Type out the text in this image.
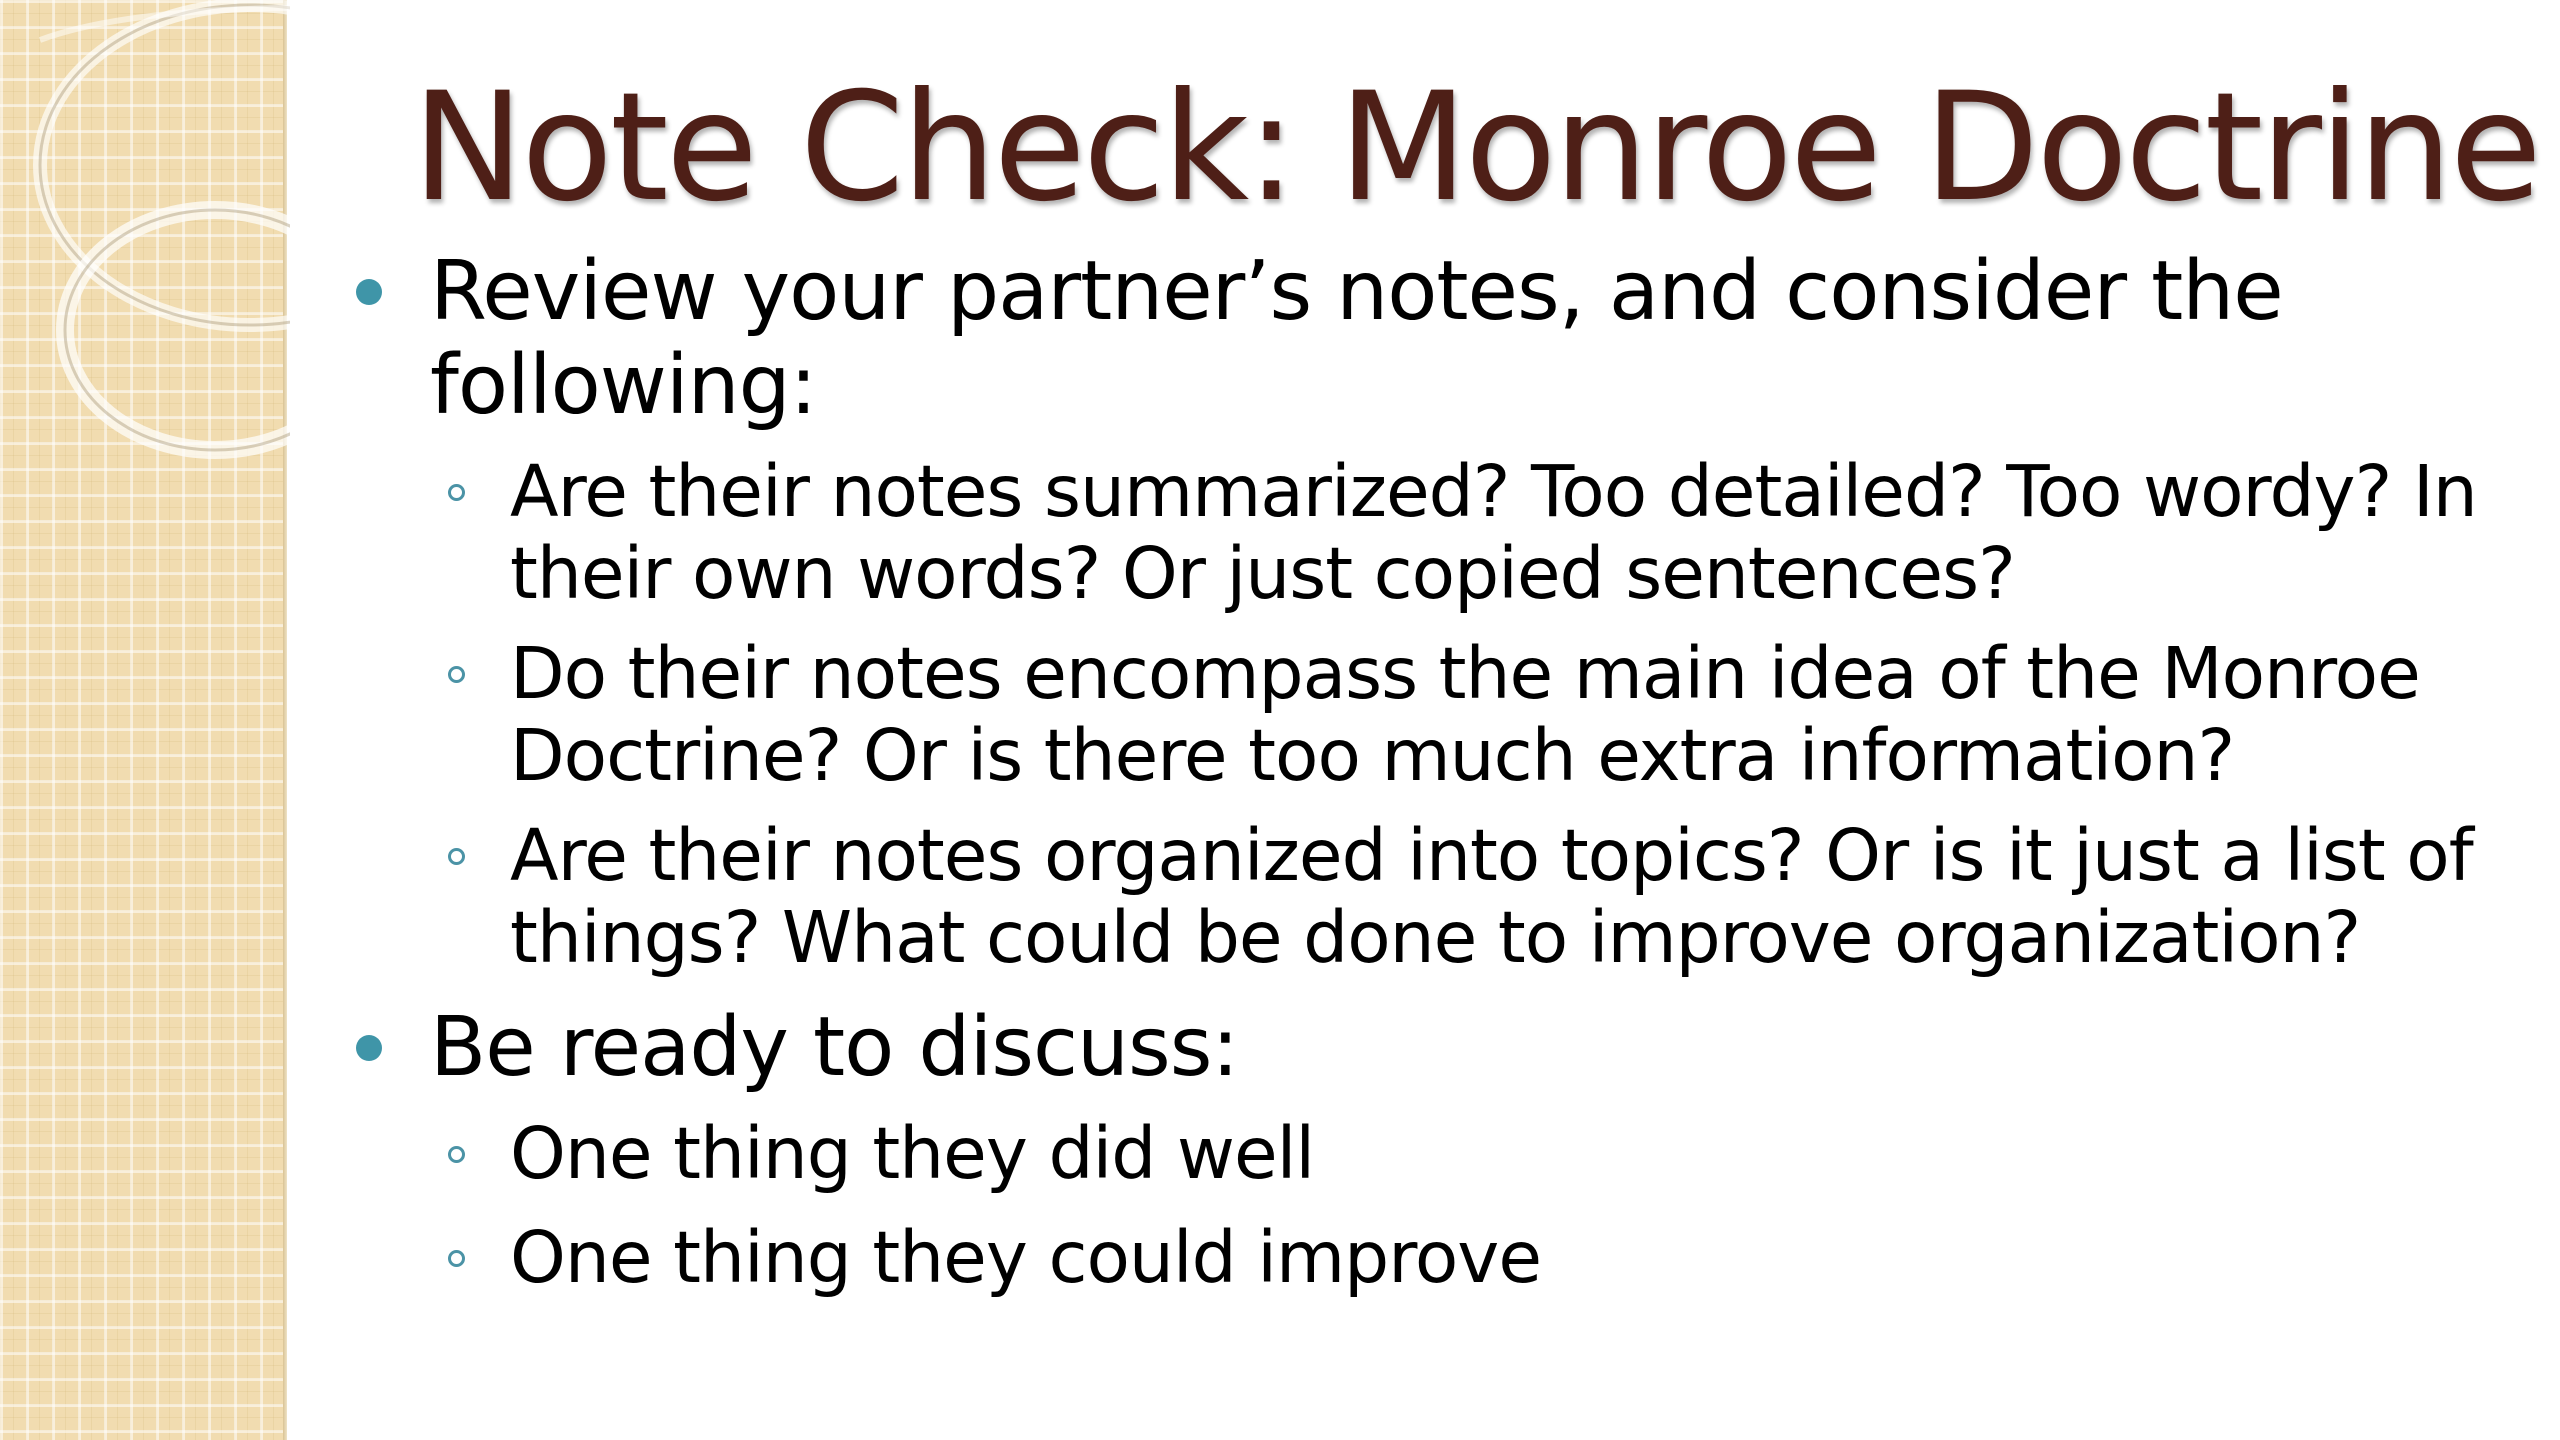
Note Check: Monroe Doctrine

Review your partner’s notes, and consider the following:

Are their notes summarized? Too detailed? Too wordy? In their own words? Or just copied sentences?

Do their notes encompass the main idea of the Monroe Doctrine? Or is there too much extra information?

Are their notes organized into topics? Or is it just a list of things? What could be done to improve organization?

Be ready to discuss:

One thing they did well

One thing they could improve
